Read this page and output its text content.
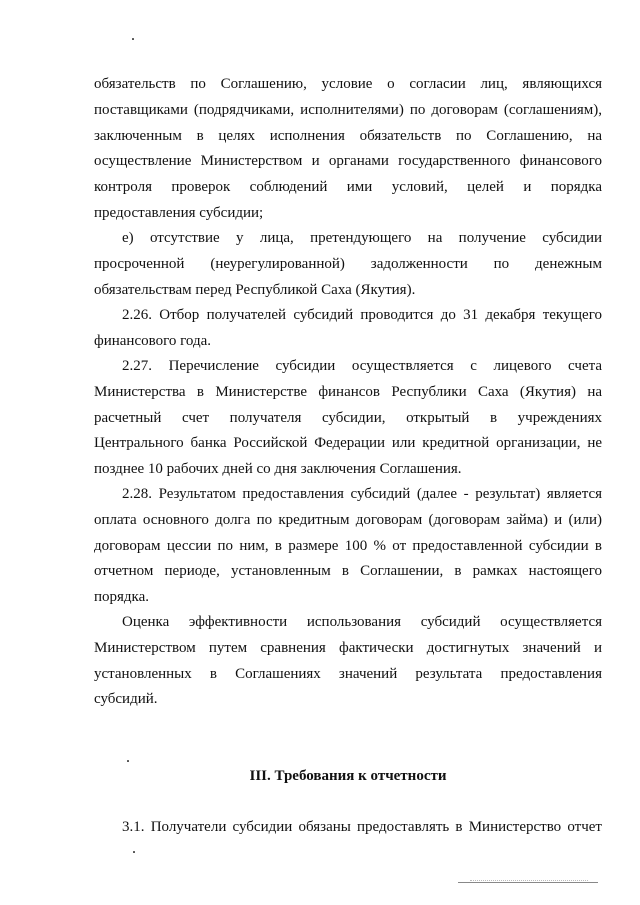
обязательств по Соглашению, условие о согласии лиц, являющихся
поставщиками (подрядчиками, исполнителями) по договорам (соглашениям),
заключенным в целях исполнения обязательств по Соглашению, на
осуществление Министерством и органами государственного финансового
контроля проверок соблюдений ими условий, целей и порядка
предоставления субсидии;
е) отсутствие у лица, претендующего на получение субсидии
просроченной (неурегулированной) задолженности по денежным
обязательствам перед Республикой Саха (Якутия).
2.26. Отбор получателей субсидий проводится до 31 декабря текущего
финансового года.
2.27. Перечисление субсидии осуществляется с лицевого счета
Министерства в Министерстве финансов Республики Саха (Якутия) на
расчетный счет получателя субсидии, открытый в учреждениях
Центрального банка Российской Федерации или кредитной организации, не
позднее 10 рабочих дней со дня заключения Соглашения.
2.28. Результатом предоставления субсидий (далее - результат) является
оплата основного долга по кредитным договорам (договорам займа) и (или)
договорам цессии по ним, в размере 100 % от предоставленной субсидии в
отчетном периоде, установленным в Соглашении, в рамках настоящего
порядка.
Оценка эффективности использования субсидий осуществляется
Министерством путем сравнения фактически достигнутых значений и
установленных в Соглашениях значений результата предоставления
субсидий.
III. Требования к отчетности
3.1. Получатели субсидии обязаны предоставлять в Министерство отчет
